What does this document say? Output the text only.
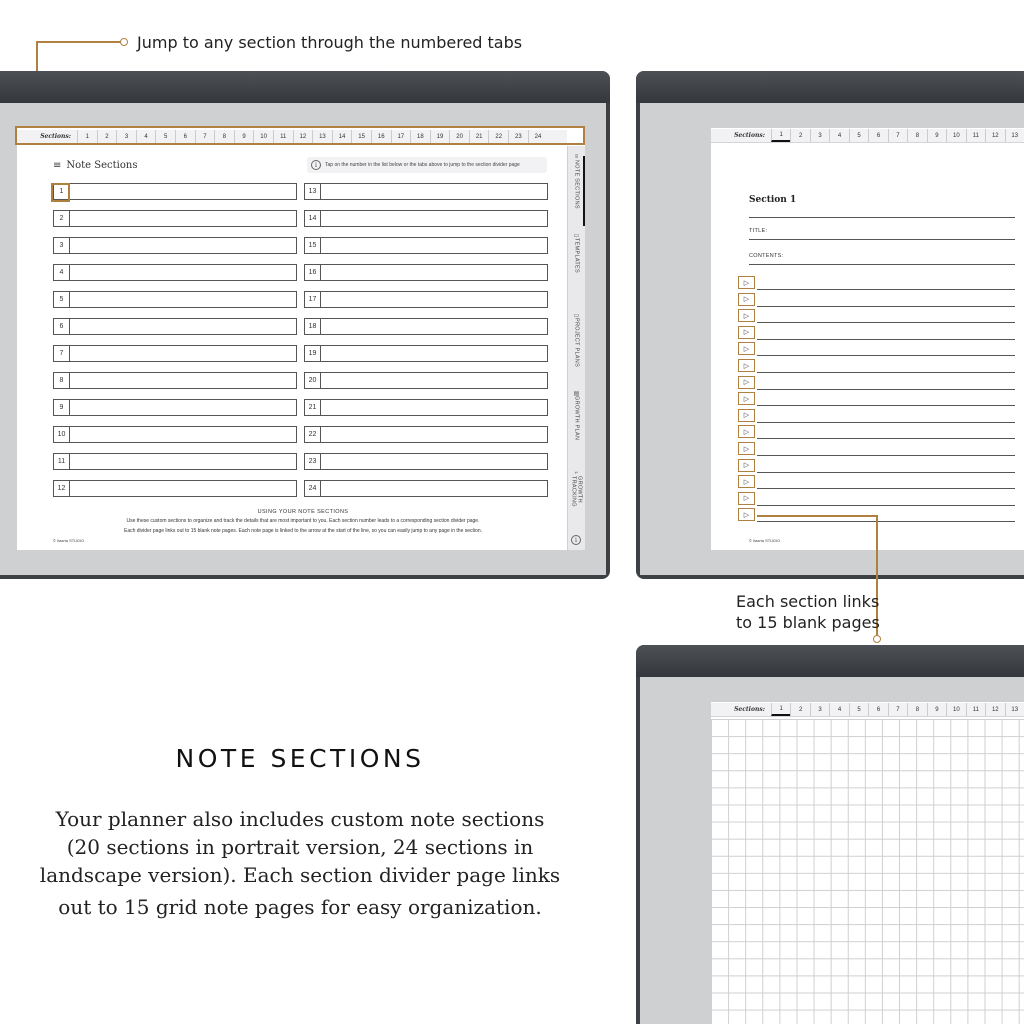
Jump to any section through the numbered tabs
Sections:	1	2	3	4	5	6	7	8	9	10	11	12	13	14	15	16	17	18	19	20	21	22	23	24
≡ Note Sections	i	Tap on the number in the list below or the tabs above to jump to the section divider page
1
2
3
4
5
6
7
8
9
10
11
12
13
14
15
16
17
18
19
20
21
22
23
24
USING YOUR NOTE SECTIONS
Use these custom sections to organize and track the details that are most important to you. Each section number leads to a corresponding section divider page.
Each divider page links out to 15 blank note pages. Each note page is linked to the arrow at the start of the line, so you can easily jump to any page in the section.
© Ilaaria STUDIO
≡
NOTE SECTIONS
▭
TEMPLATES
▭
PROJECT PLANS
▤
GROWTH PLAN
⌐
GROWTH TRACKING
i
Sections:	1	2	3	4	5	6	7	8	9	10	11	12	13
Section 1
TITLE:
CONTENTS:
▷
▷
▷
▷
▷
▷
▷
▷
▷
▷
▷
▷
▷
▷
▷
© Ilaaria STUDIO
Each section links
to 15 blank pages
Sections:	1	2	3	4	5	6	7	8	9	10	11	12	13
NOTE SECTIONS
Your planner also includes custom note sections
(20 sections in portrait version, 24 sections in
landscape version). Each section divider page links
out to 15 grid note pages for easy organization.
